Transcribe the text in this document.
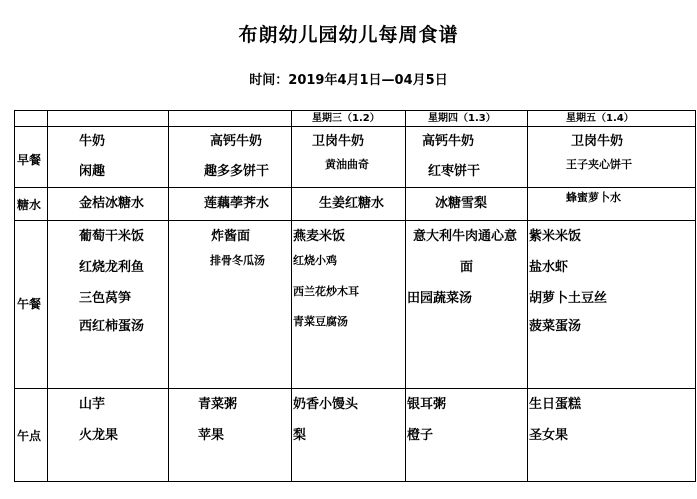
布朗幼儿园幼儿每周食谱
时间：2019年4月1日—04月5日
星期三（1.2）	星期四（1.3）	星期五（1.4）
早餐
糖水
午餐
午点
牛奶
闲趣
金桔冰糖水
葡萄干米饭
红烧龙利鱼
三色莴笋
西红柿蛋汤
山芋
火龙果
高钙牛奶
趣多多饼干
莲藕荸荠水
炸酱面
排骨冬瓜汤
青菜粥
苹果
卫岗牛奶
黄油曲奇
生姜红糖水
燕麦米饭
红烧小鸡
西兰花炒木耳
青菜豆腐汤
奶香小馒头
梨
高钙牛奶
红枣饼干
冰糖雪梨
意大利牛肉通心意
面
田园蔬菜汤
银耳粥
橙子
卫岗牛奶
王子夹心饼干
蜂蜜萝卜水
紫米米饭
盐水虾
胡萝卜土豆丝
菠菜蛋汤
生日蛋糕
圣女果
